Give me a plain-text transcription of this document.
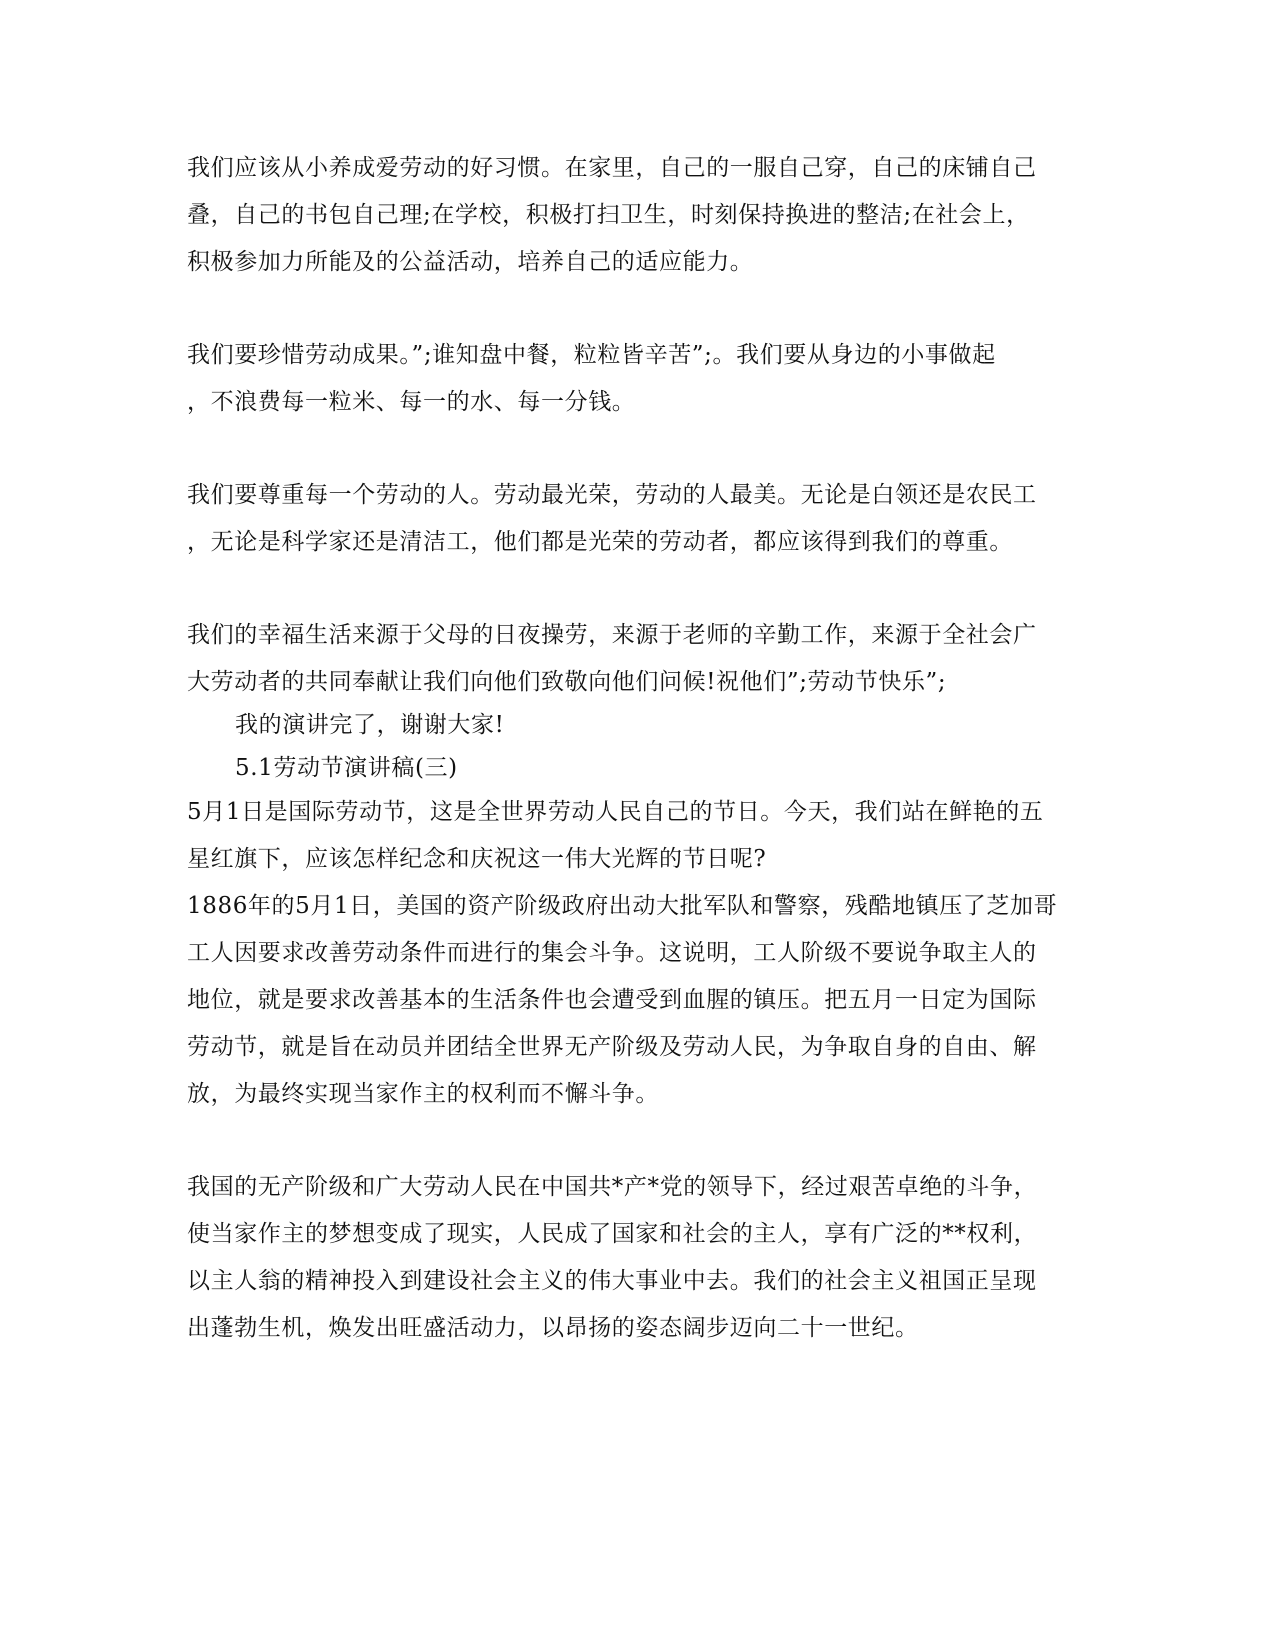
我们应该从小养成爱劳动的好习惯。在家里，自己的一服自己穿，自己的床铺自己
叠，自己的书包自己理;在学校，积极打扫卫生，时刻保持换进的整洁;在社会上，
积极参加力所能及的公益活动，培养自己的适应能力。
我们要珍惜劳动成果。”;谁知盘中餐，粒粒皆辛苦”;。我们要从身边的小事做起
，不浪费每一粒米、每一的水、每一分钱。
我们要尊重每一个劳动的人。劳动最光荣，劳动的人最美。无论是白领还是农民工
，无论是科学家还是清洁工，他们都是光荣的劳动者，都应该得到我们的尊重。
我们的幸福生活来源于父母的日夜操劳，来源于老师的辛勤工作，来源于全社会广
大劳动者的共同奉献让我们向他们致敬向他们问候!祝他们”;劳动节快乐”;
我的演讲完了，谢谢大家!
5.1劳动节演讲稿(三)
5月1日是国际劳动节，这是全世界劳动人民自己的节日。今天，我们站在鲜艳的五
星红旗下，应该怎样纪念和庆祝这一伟大光辉的节日呢?
1886年的5月1日，美国的资产阶级政府出动大批军队和警察，残酷地镇压了芝加哥
工人因要求改善劳动条件而进行的集会斗争。这说明，工人阶级不要说争取主人的
地位，就是要求改善基本的生活条件也会遭受到血腥的镇压。把五月一日定为国际
劳动节，就是旨在动员并团结全世界无产阶级及劳动人民，为争取自身的自由、解
放，为最终实现当家作主的权利而不懈斗争。
我国的无产阶级和广大劳动人民在中国共*产*党的领导下，经过艰苦卓绝的斗争，
使当家作主的梦想变成了现实，人民成了国家和社会的主人，享有广泛的**权利，
以主人翁的精神投入到建设社会主义的伟大事业中去。我们的社会主义祖国正呈现
出蓬勃生机，焕发出旺盛活动力，以昂扬的姿态阔步迈向二十一世纪。
